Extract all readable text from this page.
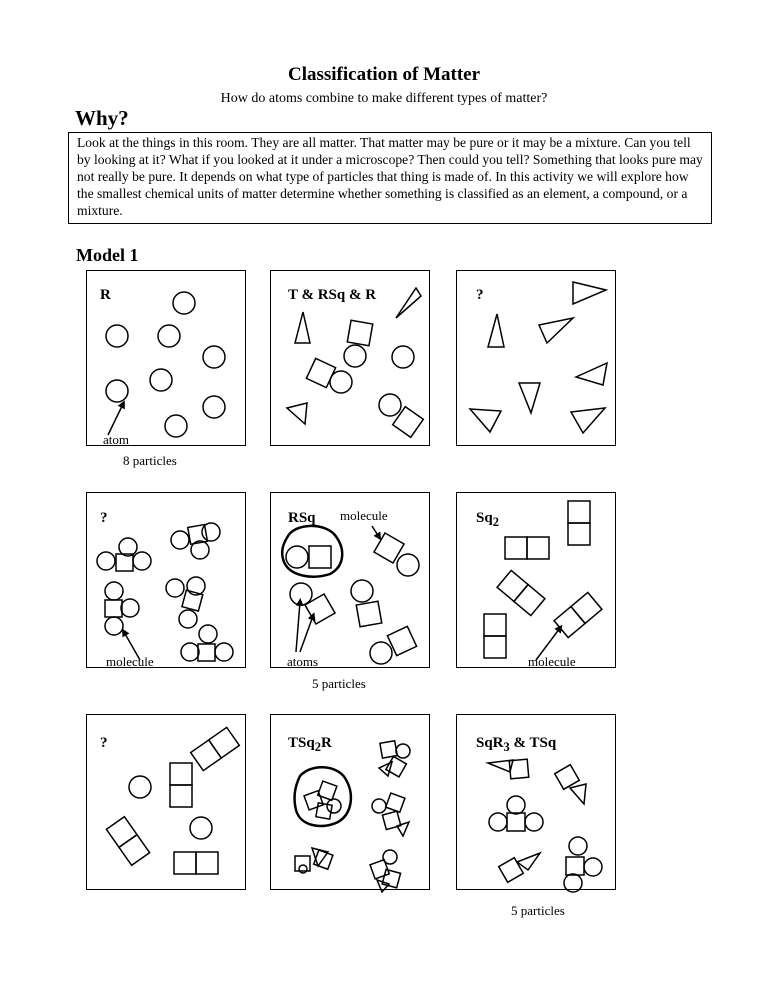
Classification of Matter
How do atoms combine to make different types of matter?
Why?
Look at the things in this room. They are all matter. That matter may be pure or it may be a mixture. Can you tell by looking at it? What if you looked at it under a microscope? Then could you tell? Something that looks pure may not really be pure. It depends on what type of particles that thing is made of. In this activity we will explore how the smallest chemical units of matter determine whether something is classified as an element, a compound, or a mixture.
Model 1
R	T & RSq & R	?
?	RSq	$Sq_2$
?	TSq$_2$R	SqR$_3$ & TSq
atom
8 particles
molecule
molecule
molecule
atoms
5 particles
5 particles
